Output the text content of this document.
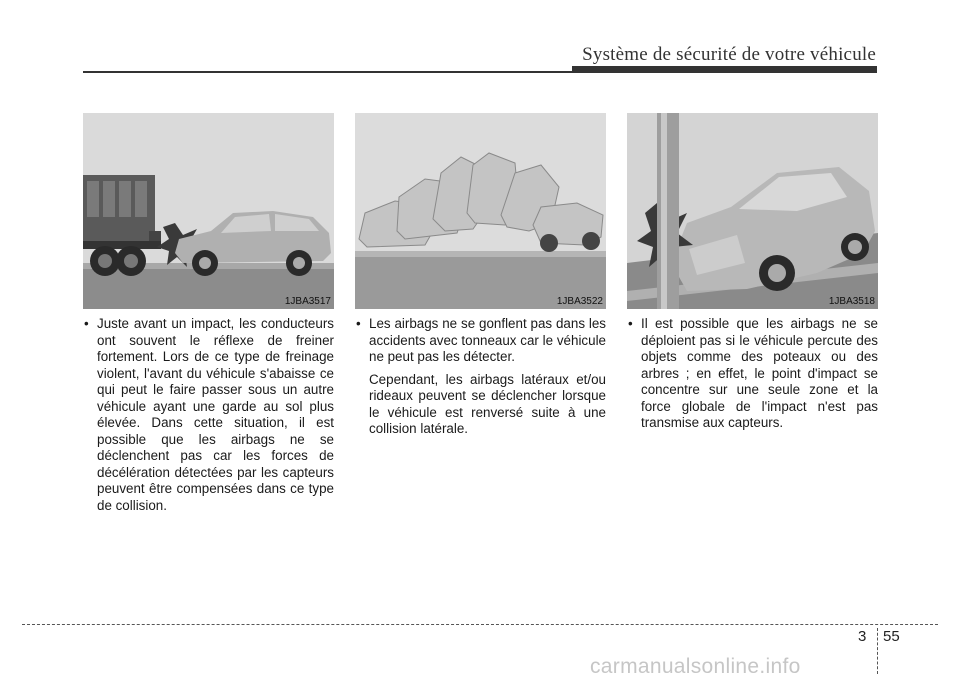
Système de sécurité de votre véhicule
1JBA3517

• Juste avant un impact, les conducteurs ont souvent le réflexe de freiner fortement. Lors de ce type de freinage violent, l'avant du véhicule s'abaisse ce qui peut le faire passer sous un autre véhicule ayant une garde au sol plus élevée. Dans cette situation, il est possible que les airbags ne se déclenchent pas car les forces de décélération détectées par les capteurs peuvent être compensées dans ce type de collision.

1JBA3522

• Les airbags ne se gonflent pas dans les accidents avec tonneaux car le véhicule ne peut pas les détecter.

Cependant, les airbags latéraux et/ou rideaux peuvent se déclencher lorsque le véhicule est renversé suite à une collision latérale.

1JBA3518

• Il est possible que les airbags ne se déploient pas si le véhicule percute des objets comme des poteaux ou des arbres ; en effet, le point d'impact se concentre sur une seule zone et la force globale de l'impact n'est pas transmise aux capteurs.

3 55
carmanualsonline.info
